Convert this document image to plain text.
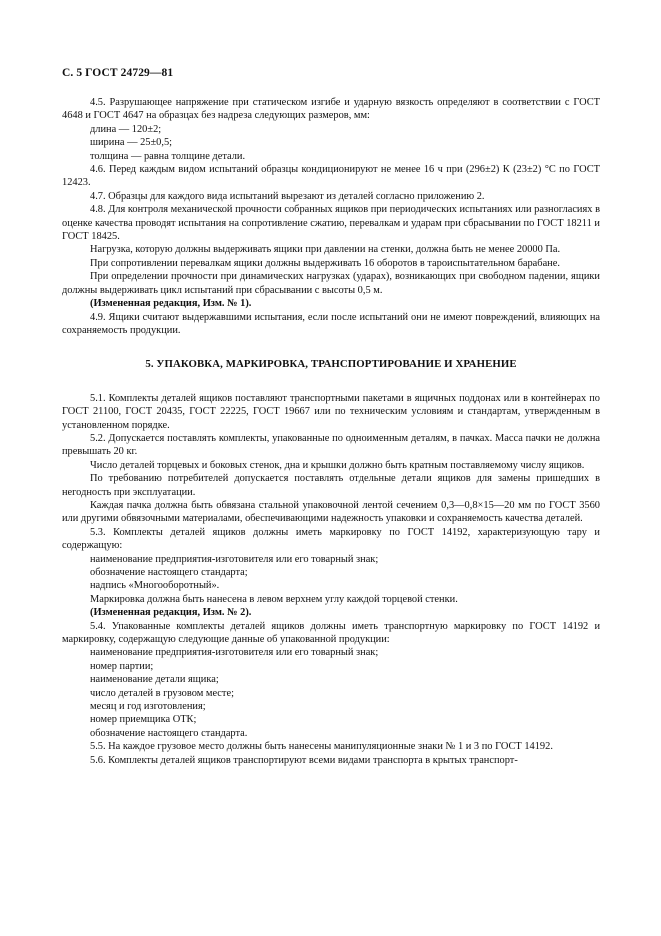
С. 5 ГОСТ 24729—81
4.5. Разрушающее напряжение при статическом изгибе и ударную вязкость определяют в соответствии с ГОСТ 4648 и ГОСТ 4647 на образцах без надреза следующих размеров, мм:
длина — 120±2;
ширина — 25±0,5;
толщина — равна толщине детали.
4.6. Перед каждым видом испытаний образцы кондиционируют не менее 16 ч при (296±2) К (23±2) °С по ГОСТ 12423.
4.7. Образцы для каждого вида испытаний вырезают из деталей согласно приложению 2.
4.8. Для контроля механической прочности собранных ящиков при периодических испытаниях или разногласиях в оценке качества проводят испытания на сопротивление сжатию, перевалкам и ударам при сбрасывании по ГОСТ 18211 и ГОСТ 18425.
Нагрузка, которую должны выдерживать ящики при давлении на стенки, должна быть не менее 20000 Па.
При сопротивлении перевалкам ящики должны выдерживать 16 оборотов в тароиспытательном барабане.
При определении прочности при динамических нагрузках (ударах), возникающих при свободном падении, ящики должны выдерживать цикл испытаний при сбрасывании с высоты 0,5 м.
(Измененная редакция, Изм. № 1).
4.9. Ящики считают выдержавшими испытания, если после испытаний они не имеют повреждений, влияющих на сохраняемость продукции.
5. УПАКОВКА, МАРКИРОВКА, ТРАНСПОРТИРОВАНИЕ И ХРАНЕНИЕ
5.1. Комплекты деталей ящиков поставляют транспортными пакетами в ящичных поддонах или в контейнерах по ГОСТ 21100, ГОСТ 20435, ГОСТ 22225, ГОСТ 19667 или по техническим условиям и стандартам, утвержденным в установленном порядке.
5.2. Допускается поставлять комплекты, упакованные по одноименным деталям, в пачках. Масса пачки не должна превышать 20 кг.
Число деталей торцевых и боковых стенок, дна и крышки должно быть кратным поставляемому числу ящиков.
По требованию потребителей допускается поставлять отдельные детали ящиков для замены пришедших в негодность при эксплуатации.
Каждая пачка должна быть обвязана стальной упаковочной лентой сечением 0,3—0,8×15—20 мм по ГОСТ 3560 или другими обвязочными материалами, обеспечивающими надежность упаковки и сохраняемость качества деталей.
5.3. Комплекты деталей ящиков должны иметь маркировку по ГОСТ 14192, характеризующую тару и содержащую:
наименование предприятия-изготовителя или его товарный знак;
обозначение настоящего стандарта;
надпись «Многооборотный».
Маркировка должна быть нанесена в левом верхнем углу каждой торцевой стенки.
(Измененная редакция, Изм. № 2).
5.4. Упакованные комплекты деталей ящиков должны иметь транспортную маркировку по ГОСТ 14192 и маркировку, содержащую следующие данные об упакованной продукции:
наименование предприятия-изготовителя или его товарный знак;
номер партии;
наименование детали ящика;
число деталей в грузовом месте;
месяц и год изготовления;
номер приемщика ОТК;
обозначение настоящего стандарта.
5.5. На каждое грузовое место должны быть нанесены манипуляционные знаки № 1 и 3 по ГОСТ 14192.
5.6. Комплекты деталей ящиков транспортируют всеми видами транспорта в крытых транспорт-
